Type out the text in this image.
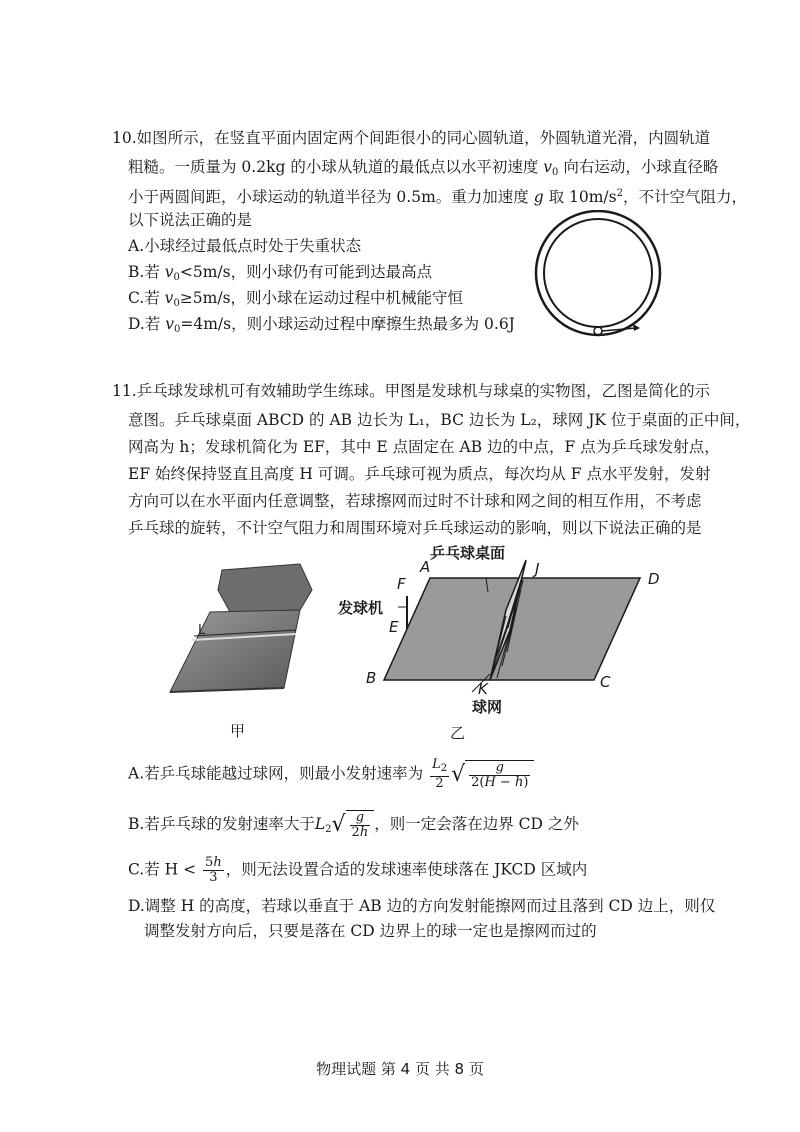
10.如图所示，在竖直平面内固定两个间距很小的同心圆轨道，外圆轨道光滑，内圆轨道
粗糙。一质量为 0.2kg 的小球从轨道的最低点以水平初速度 $v_0$ 向右运动，小球直径略
小于两圆间距，小球运动的轨道半径为 0.5m。重力加速度 g 取 $10m/s^2$，不计空气阻力，
以下说法正确的是
A.小球经过最低点时处于失重状态
B.若 $v_0<5m/s$，则小球仍有可能到达最高点
C.若 $v_0\ge 5m/s$，则小球在运动过程中机械能守恒
D.若 $v_0=4m/s$，则小球运动过程中摩擦生热最多为 0.6J
11.乒乓球发球机可有效辅助学生练球。甲图是发球机与球桌的实物图，乙图是简化的示
意图。乒乓球桌面 ABCD 的 AB 边长为 L₁，BC 边长为 L₂，球网 JK 位于桌面的正中间，
网高为 h；发球机简化为 EF，其中 E 点固定在 AB 边的中点，F 点为乒乓球发射点，
EF 始终保持竖直且高度 H 可调。乒乓球可视为质点，每次均从 F 点水平发射，发射
方向可以在水平面内任意调整，若球擦网而过时不计球和网之间的相互作用，不考虑
乒乓球的旋转，不计空气阻力和周围环境对乒乓球运动的影响，则以下说法正确的是
L
乒乓球桌面
发球机
球网
A
D
B	C
F
E
J
K
甲	乙
A.若乒乓球能越过球网，则最小发射速率为 $\frac{L_2}{2}$ √ $\frac{g}{2(H - h)}$
B.若乒乓球的发射速率大于$L_2√ \frac{g}{2h}$ ，则一定会落在边界 CD 之外
C.若 $H < \frac{5h}{3}$ ，则无法设置合适的发球速率使球落在 JKCD 区域内
D.调整 H 的高度，若球以垂直于 AB 边的方向发射能擦网而过且落到 CD 边上，则仅
调整发射方向后，只要是落在 CD 边界上的球一定也是擦网而过的
物理试题 第 4 页 共 8 页
